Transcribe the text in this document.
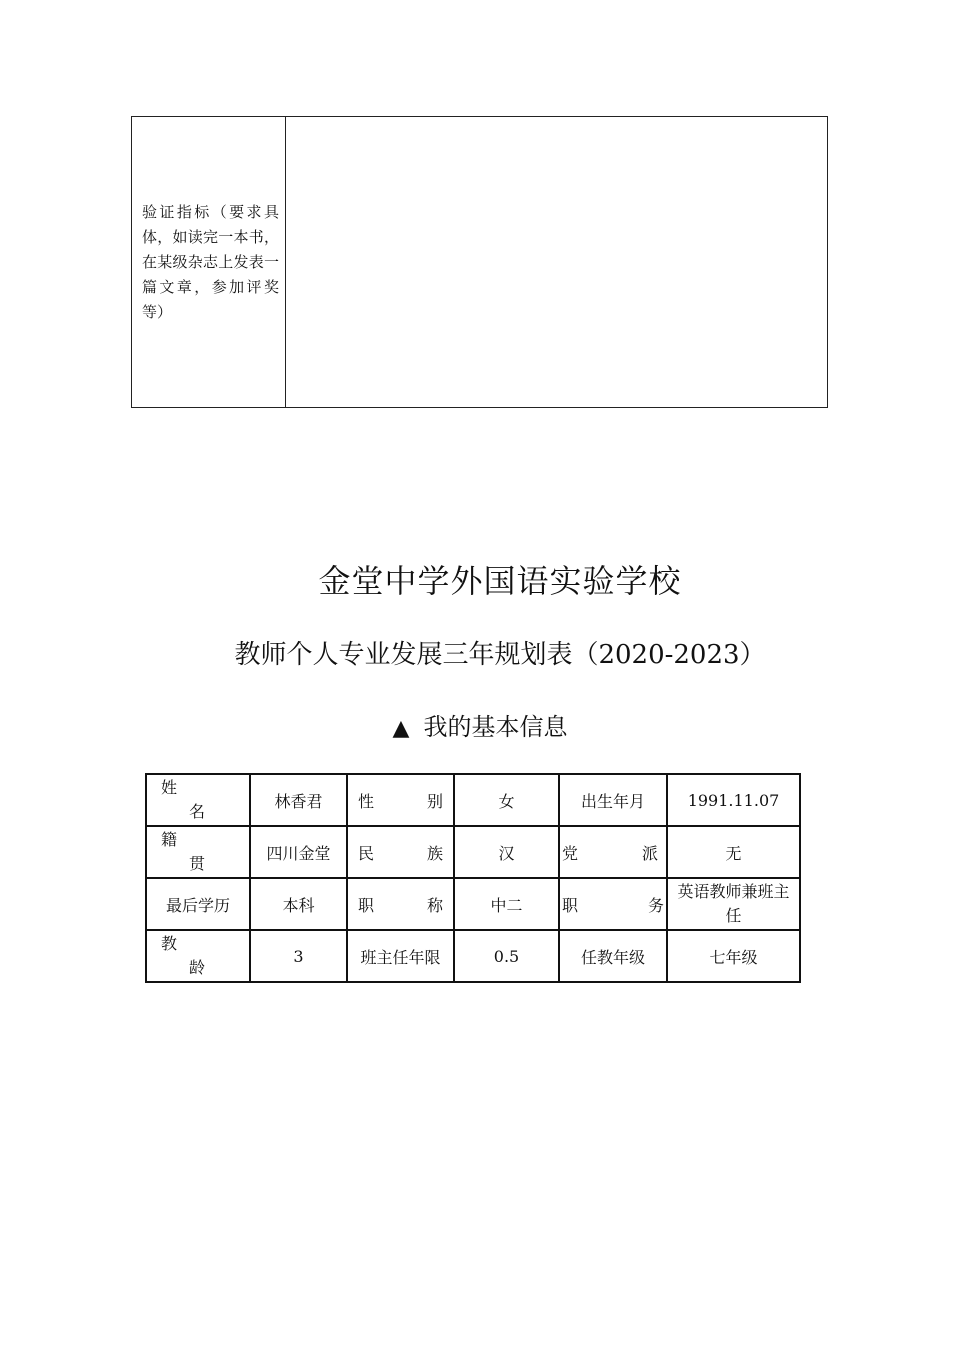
验证指标（要求具体，如读完一本书，在某级杂志上发表一篇文章，参加评奖等）
金堂中学外国语实验学校
教师个人专业发展三年规划表（2020-2023）
▲ 我的基本信息
姓
名	林香君	性 别	女	出生年月	1991.11.07

籍
贯	四川金堂	民 族	汉	党 派	无
最后学历	本科	职 称	中二	职 务	英语教师兼班主任

教
龄	3	班主任年限	0.5	任教年级	七年级
